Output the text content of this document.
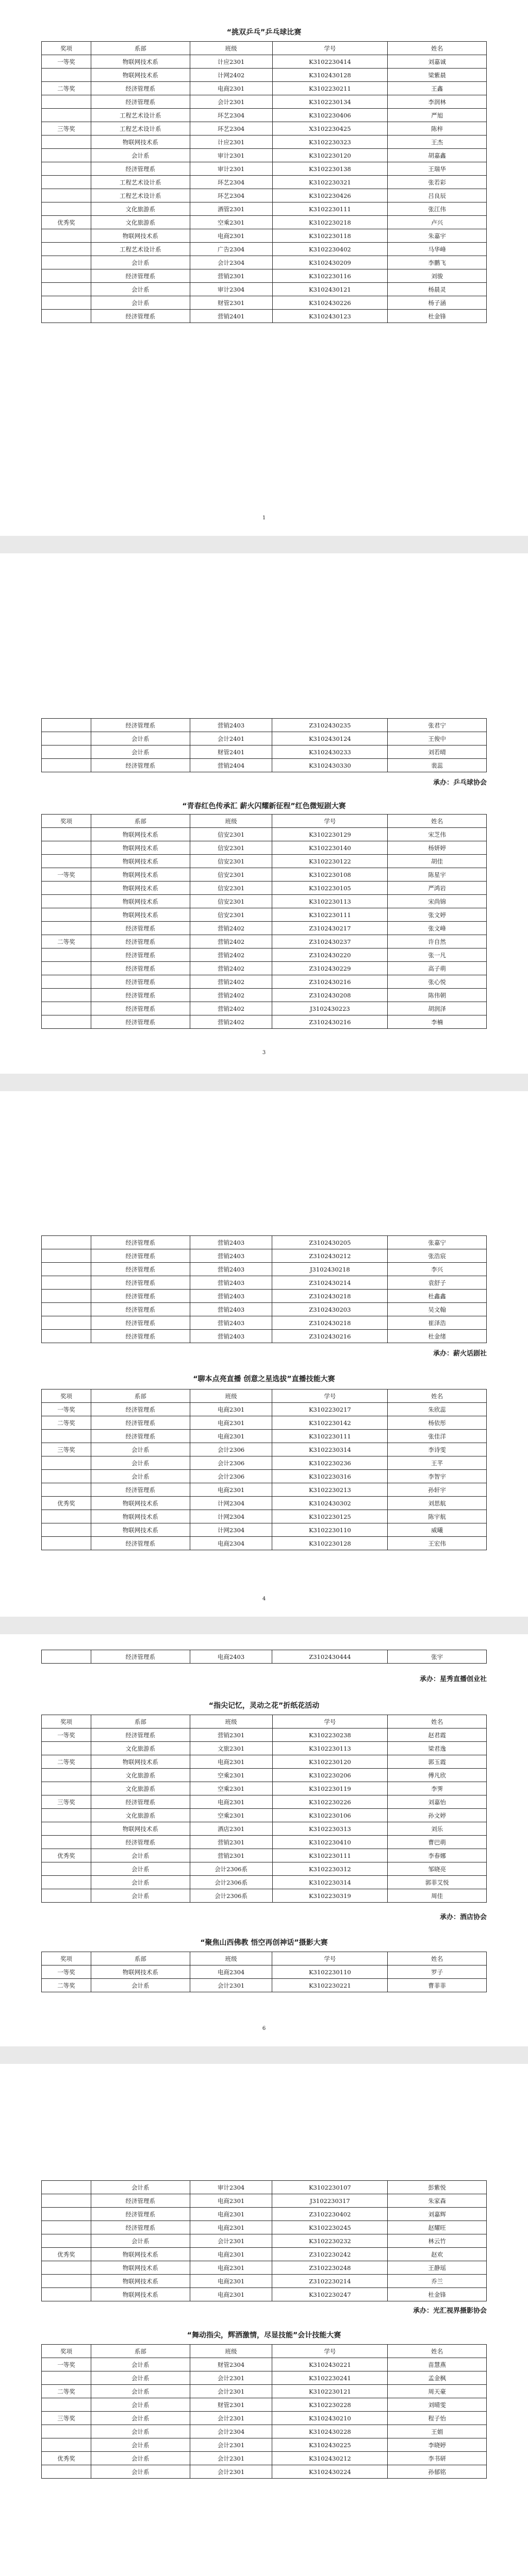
“挑双乒乓”乒乓球比赛
奖项	系部	班级	学号	姓名
一等奖	物联网技术系	计应2301	K3102230414	刘嘉诚
	物联网技术系	计网2402	K3102430128	梁紫晨
二等奖	经济管理系	电商2301	K3102230211	王鑫
	经济管理系	会计2301	K3102230134	李润林
	工程艺术设计系	环艺2304	K3102230406	严旭
三等奖	工程艺术设计系	环艺2304	X3102230425	陈梓
	物联网技术系	计应2301	K3102230323	王杰
	会计系	审计2301	K3102230120	胡嘉鑫
	经济管理系	审计2301	K3102230138	王瑞华
	工程艺术设计系	环艺2304	K3102230321	张若彩
	工程艺术设计系	环艺2304	K3102230426	吕良辰
	文化旅游系	酒管2301	K3102230111	张江伟
优秀奖	文化旅游系	空乘2301	K3102230218	卢兴
	物联网技术系	电商2301	K3102230118	朱嘉宇
	工程艺术设计系	广告2304	K3102230402	马华峰
	会计系	会计2304	K3102430209	李鹏飞
	经济管理系	营销2301	K3102230116	刘骏
	会计系	审计2304	K3102430121	杨晨灵
	会计系	财管2301	K3102430226	杨子涵
	经济管理系	营销2401	K3102430123	杜金锋
1
	经济管理系	营销2403	Z3102430235	张君宁
	会计系	会计2401	K3102430124	王俊中
	会计系	财管2401	K3102430233	刘若晴
	经济管理系	营销2404	K3102430330	裴蕊
承办：乒乓球协会
“青春红色传承汇 薪火闪耀新征程”红色微短剧大赛
奖项	系部	班级	学号	姓名
	物联网技术系	信安2301	K3102230129	宋芝伟
	物联网技术系	信安2301	K3102230140	杨妍婷
	物联网技术系	信安2301	K3102230122	胡佳
一等奖	物联网技术系	信安2301	K3102230108	陈星宇
	物联网技术系	信安2301	K3102230105	严鸿岩
	物联网技术系	信安2301	K3102230113	宋尚锦
	物联网技术系	信安2301	K3102230111	张文婷
	经济管理系	营销2402	Z3102430217	张文峰
二等奖	经济管理系	营销2402	Z3102430237	许自然
	经济管理系	营销2402	Z3102430220	张一凡
	经济管理系	营销2402	Z3102430229	高子萌
	经济管理系	营销2402	Z3102430216	张心悦
	经济管理系	营销2402	Z3102430208	陈伟朝
	经济管理系	营销2402	J3102430223	胡润泽
	经济管理系	营销2402	Z3102430216	李楠
3
	经济管理系	营销2403	Z3102430205	张嘉宁
	经济管理系	营销2403	Z3102430212	张浩宸
	经济管理系	营销2403	J3102430218	李兴
	经济管理系	营销2403	Z3102430214	袁舒子
	经济管理系	营销2403	Z3102430218	杜鑫鑫
	经济管理系	营销2403	Z3102430203	吴文翰
	经济管理系	营销2403	Z3102430218	崔泽浩
	经济管理系	营销2403	Z3102430216	杜金绪
承办：薪火话剧社
“聊本点亮直播 创意之星选拔”直播技能大赛
奖项	系部	班级	学号	姓名
一等奖	经济管理系	电商2301	K3102230217	朱欣蕊
二等奖	经济管理系	电商2301	K3102230142	杨依彤
	经济管理系	电商2301	K3102230111	张佳洋
三等奖	会计系	会计2306	K3102230314	李诗雯
	会计系	会计2306	K3102230236	王芊
	会计系	会计2306	K3102230316	李智宇
	经济管理系	电商2301	K3102230213	孙轩宇
优秀奖	物联网技术系	计网2304	K3102430302	刘思航
	物联网技术系	计网2304	K3102230125	陈宇航
	物联网技术系	计网2304	K3102230110	威曦
	经济管理系	电商2304	K3102230128	王宏伟
4
	经济管理系	电商2403	Z3102430444	张宇
承办：星秀直播创业社
“指尖记忆，灵动之花”折纸花活动
奖项	系部	班级	学号	姓名
一等奖	经济管理系	营销2301	K3102230238	赵君霞
	文化旅游系	文旅2301	K3102230113	梁君逸
二等奖	物联网技术系	电商2301	K3102230120	郭玉霞
	文化旅游系	空乘2301	K3102230206	傅凡欣
	文化旅游系	空乘2301	K3102230119	李霁
三等奖	经济管理系	电商2301	K3102230226	刘嘉怡
	文化旅游系	空乘2301	K3102230106	孙文婷
	物联网技术系	酒店2301	K3102230313	刘乐
	经济管理系	营销2301	K3102230410	曹巴萌
优秀奖	会计系	营销2301	K3102230111	李春娜
	会计系	会计2306系	K3102230312	邹晓亮
	会计系	会计2306系	K3102230314	郭菲艾悦
	会计系	会计2306系	K3102230319	周佳
承办：酒店协会
“聚焦山西佛教 悟空再创神话”摄影大赛
奖项	系部	班级	学号	姓名
一等奖	物联网技术系	电商2304	K3102230110	罗子
二等奖	会计系	会计2301	K3102230221	曹菲菲
6
	会计系	审计2304	K3102230107	彭紫悦
	经济管理系	电商2301	J3102230317	朱家森
	经济管理系	电商2301	Z3102230402	刘嘉辉
	经济管理系	电商2301	K3102230245	赵耀旺
	会计系	会计2301	K3102230232	林云竹
优秀奖	物联网技术系	电商2301	Z3102230242	赵欢
	物联网技术系	电商2301	Z3102230248	王静瑶
	物联网技术系	电商2301	Z3102230214	乔兰
	物联网技术系	电商2301	K3102230247	杜金锋
承办：光汇视界摄影协会
“舞动指尖，辉洒激情，尽显技能”会计技能大赛
奖项	系部	班级	学号	姓名
一等奖	会计系	财管2304	K3102430221	苗慧燕
	会计系	会计2301	K3102230241	孟金枫
二等奖	会计系	会计2301	K3102230121	周天豪
	会计系	财管2301	K3102230228	刘晴雯
三等奖	会计系	会计2301	K3102430210	程子怡
	会计系	会计2304	K3102430228	王娟
	会计系	会计2301	K3102430225	李晓婷
优秀奖	会计系	会计2301	K3102430212	李书研
	会计系	会计2301	K3102430224	孙郁铭
